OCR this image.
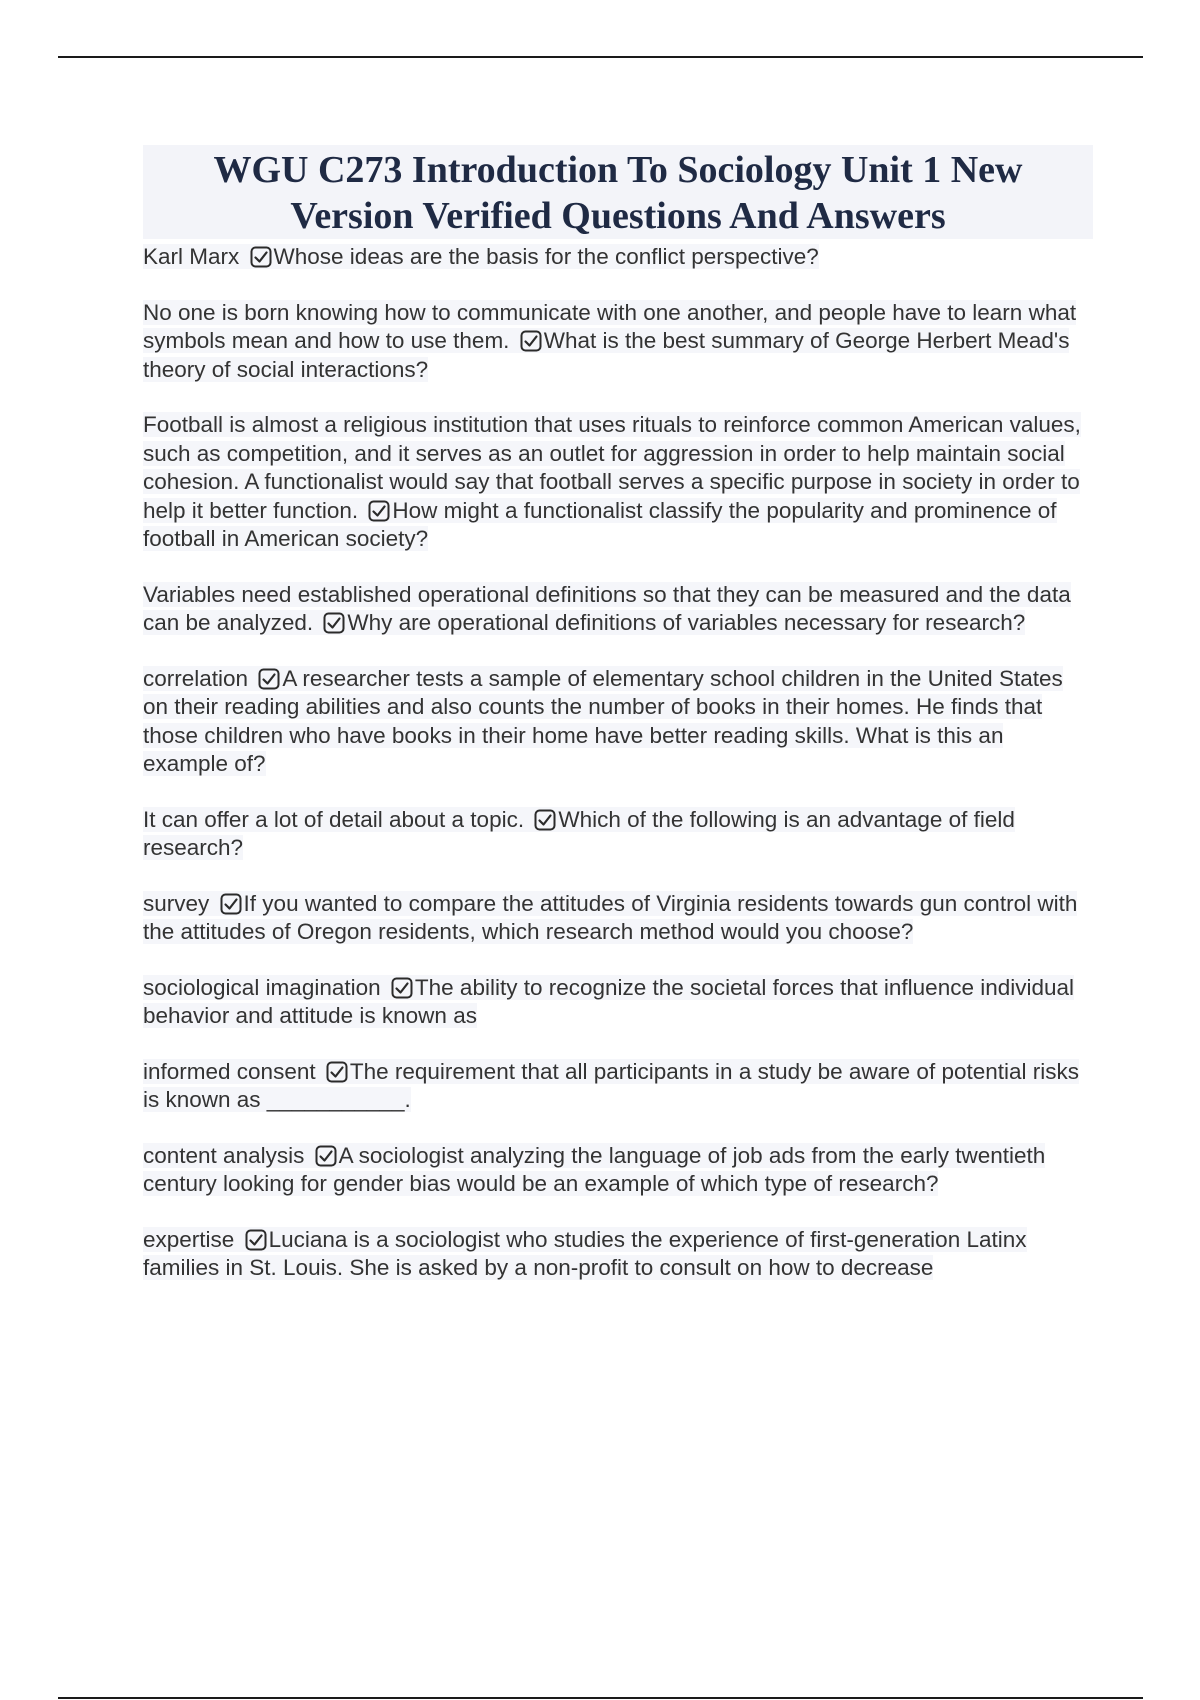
WGU C273 Introduction To Sociology Unit 1 New Version Verified Questions And Answers

Karl Marx Whose ideas are the basis for the conflict perspective?

No one is born knowing how to communicate with one another, and people have to learn what symbols mean and how to use them. What is the best summary of George Herbert Mead's theory of social interactions?

Football is almost a religious institution that uses rituals to reinforce common American values, such as competition, and it serves as an outlet for aggression in order to help maintain social cohesion. A functionalist would say that football serves a specific purpose in society in order to help it better function. How might a functionalist classify the popularity and prominence of football in American society?

Variables need established operational definitions so that they can be measured and the data can be analyzed. Why are operational definitions of variables necessary for research?

correlation A researcher tests a sample of elementary school children in the United States on their reading abilities and also counts the number of books in their homes. He finds that those children who have books in their home have better reading skills. What is this an example of?

It can offer a lot of detail about a topic. Which of the following is an advantage of field research?

survey If you wanted to compare the attitudes of Virginia residents towards gun control with the attitudes of Oregon residents, which research method would you choose?

sociological imagination The ability to recognize the societal forces that influence individual behavior and attitude is known as

informed consent The requirement that all participants in a study be aware of potential risks is known as ___________.

content analysis A sociologist analyzing the language of job ads from the early twentieth century looking for gender bias would be an example of which type of research?

expertise Luciana is a sociologist who studies the experience of first-generation Latinx families in St. Louis. She is asked by a non-profit to consult on how to decrease
